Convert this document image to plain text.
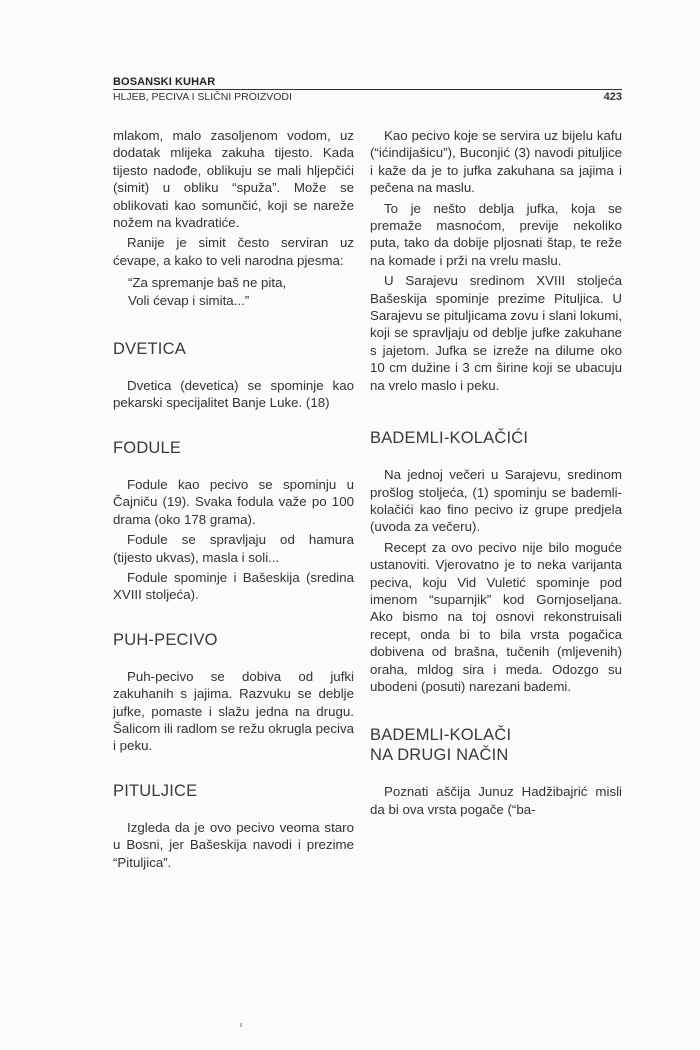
BOSANSKI KUHAR
HLJEB, PECIVA I SLIČNI PROIZVODI	423

mlakom, malo zasoljenom vodom, uz dodatak mlijeka zakuha tijesto. Kada tijesto nadođe, oblikuju se mali hljepčići (simit) u obliku “spuža”. Može se oblikovati kao somunčić, koji se nareže nožem na kvadratiće.

Ranije je simit često serviran uz ćevape, a kako to veli narodna pjesma:

“Za spremanje baš ne pita,
Voli ćevap i simita...”
DVETICA

Dvetica (devetica) se spominje kao pekarski specijalitet Banje Luke. (18)

FODULE

Fodule kao pecivo se spominju u Čajniču (19). Svaka fodula važe po 100 drama (oko 178 grama).

Fodule se spravljaju od hamura (tijesto ukvas), masla i soli...

Fodule spominje i Bašeskija (sredina XVIII stoljeća).

PUH-PECIVO

Puh-pecivo se dobiva od jufki zakuhanih s jajima. Razvuku se deblje jufke, pomaste i slažu jedna na drugu. Šalicom ili radlom se režu okrugla peciva i peku.

PITULJICE

Izgleda da je ovo pecivo veoma staro u Bosni, jer Bašeskija navodi i prezime “Pituljica”.

Kao pecivo koje se servira uz bijelu kafu (“ićindijašicu”), Buconjić (3) navodi pituljice i kaže da je to jufka zakuhana sa jajima i pečena na maslu.

To je nešto deblja jufka, koja se premaže masnoćom, previje nekoliko puta, tako da dobije pljosnati štap, te reže na komade i prži na vrelu maslu.

U Sarajevu sredinom XVIII stoljeća Bašeskija spominje prezime Pituljica. U Sarajevu se pituljicama zovu i slani lokumi, koji se spravljaju od deblje jufke zakuhane s jajetom. Jufka se izreže na dilume oko 10 cm dužine i 3 cm širine koji se ubacuju na vrelo maslo i peku.

BADEMLI-KOLAČIĆI

Na jednoj večeri u Sarajevu, sredinom prošlog stoljeća, (1) spominju se bademli-kolačići kao fino pecivo iz grupe predjela (uvoda za večeru).

Recept za ovo pecivo nije bilo moguće ustanoviti. Vjerovatno je to neka varijanta peciva, koju Vid Vuletić spominje pod imenom “suparnjik” kod Gornjoseljana. Ako bismo na toj osnovi rekonstruisali recept, onda bi to bila vrsta pogačica dobivena od brašna, tučenih (mljevenih) oraha, mldog sira i meda. Odozgo su ubodeni (posuti) narezani bademi.

BADEMLI-KOLAČI
NA DRUGI NAČIN

Poznati aščija Junuz Hadžibajrić misli da bi ova vrsta pogače (“ba-
